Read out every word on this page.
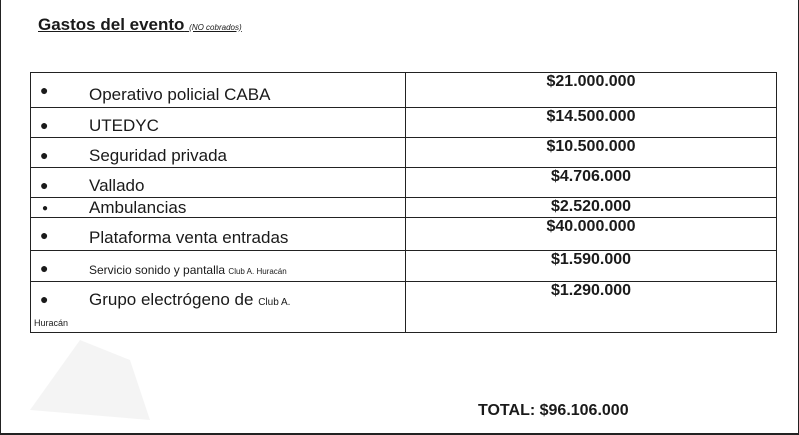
Gastos del evento (NO cobrados)
● Operativo policial CABA	$21.000.000

● UTEDYC	$14.500.000

● Seguridad privada	$10.500.000

● Vallado	$4.706.000

● Ambulancias	$2.520.000

● Plataforma venta entradas	$40.000.000

● Servicio sonido y pantalla Club A. Huracán	$1.590.000

● Grupo electrógeno de Club A.
Huracán	$1.290.000
TOTAL: $96.106.000
